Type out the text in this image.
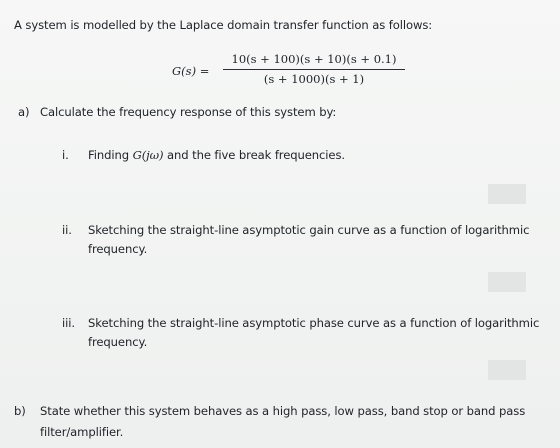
A system is modelled by the Laplace domain transfer function as follows:
G(s) =
10(s + 100)(s + 10)(s + 0.1)
(s + 1000)(s + 1)
a) Calculate the frequency response of this system by:
i. Finding G(jω) and the five break frequencies.
ii. Sketching the straight-line asymptotic gain curve as a function of logarithmic
frequency.
iii. Sketching the straight-line asymptotic phase curve as a function of logarithmic
frequency.
b) State whether this system behaves as a high pass, low pass, band stop or band pass
filter/amplifier.
